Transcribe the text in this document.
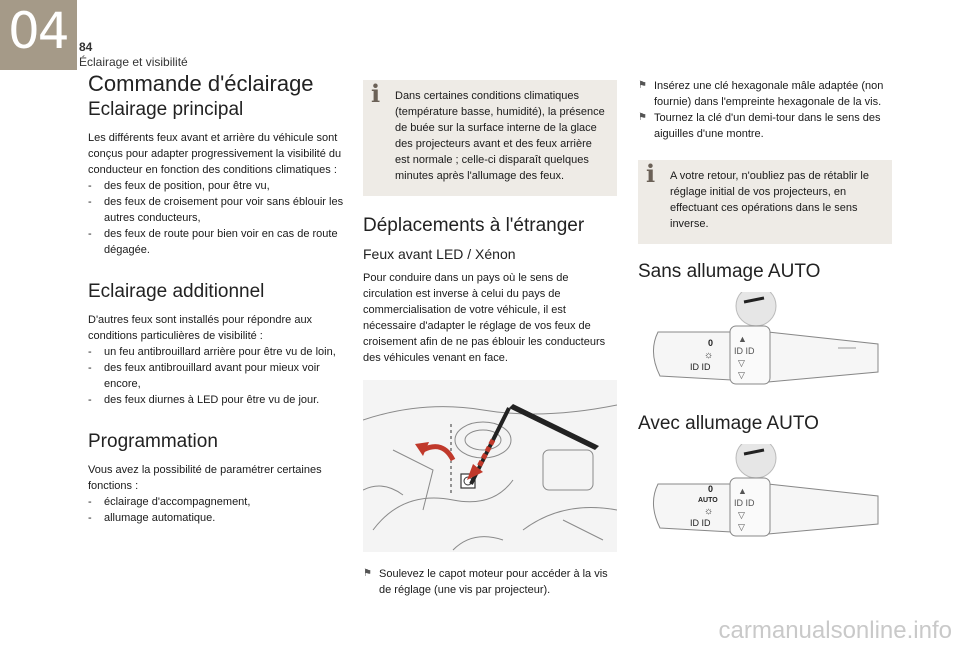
04 84
Éclairage et visibilité
Commande d'éclairage
Eclairage principal

Les différents feux avant et arrière du véhicule sont conçus pour adapter progressivement la visibilité du conducteur en fonction des conditions climatiques :

- des feux de position, pour être vu,
- des feux de croisement pour voir sans éblouir les autres conducteurs,
- des feux de route pour bien voir en cas de route dégagée.
Eclairage additionnel

D'autres feux sont installés pour répondre aux conditions particulières de visibilité :

- un feu antibrouillard arrière pour être vu de loin,
- des feux antibrouillard avant pour mieux voir encore,
- des feux diurnes à LED pour être vu de jour.
Programmation

Vous avez la possibilité de paramétrer certaines fonctions :

- éclairage d'accompagnement,
- allumage automatique.
i Dans certaines conditions climatiques (température basse, humidité), la présence de buée sur la surface interne de la glace des projecteurs avant et des feux arrière est normale ; celle-ci disparaît quelques minutes après l'allumage des feux.

Déplacements à l'étranger
Feux avant LED / Xénon

Pour conduire dans un pays où le sens de circulation est inverse à celui du pays de commercialisation de votre véhicule, il est nécessaire d'adapter le réglage de vos feux de croisement afin de ne pas éblouir les conducteurs des véhicules venant en face.

⚑ Soulevez le capot moteur pour accéder à la vis de réglage (une vis par projecteur).

⚑ Insérez une clé hexagonale mâle adaptée (non fournie) dans l'empreinte hexagonale de la vis.

⚑ Tournez la clé d'un demi-tour dans le sens des aiguilles d'une montre.

i A votre retour, n'oubliez pas de rétablir le réglage initial de vos projecteurs, en effectuant ces opérations dans le sens inverse.

Sans allumage AUTO
0
☼
ID ID
▲
ID ID
▽
▽
Avec allumage AUTO
0
AUTO
☼
ID ID
▲
ID ID
▽
▽
carmanualsonline.info
